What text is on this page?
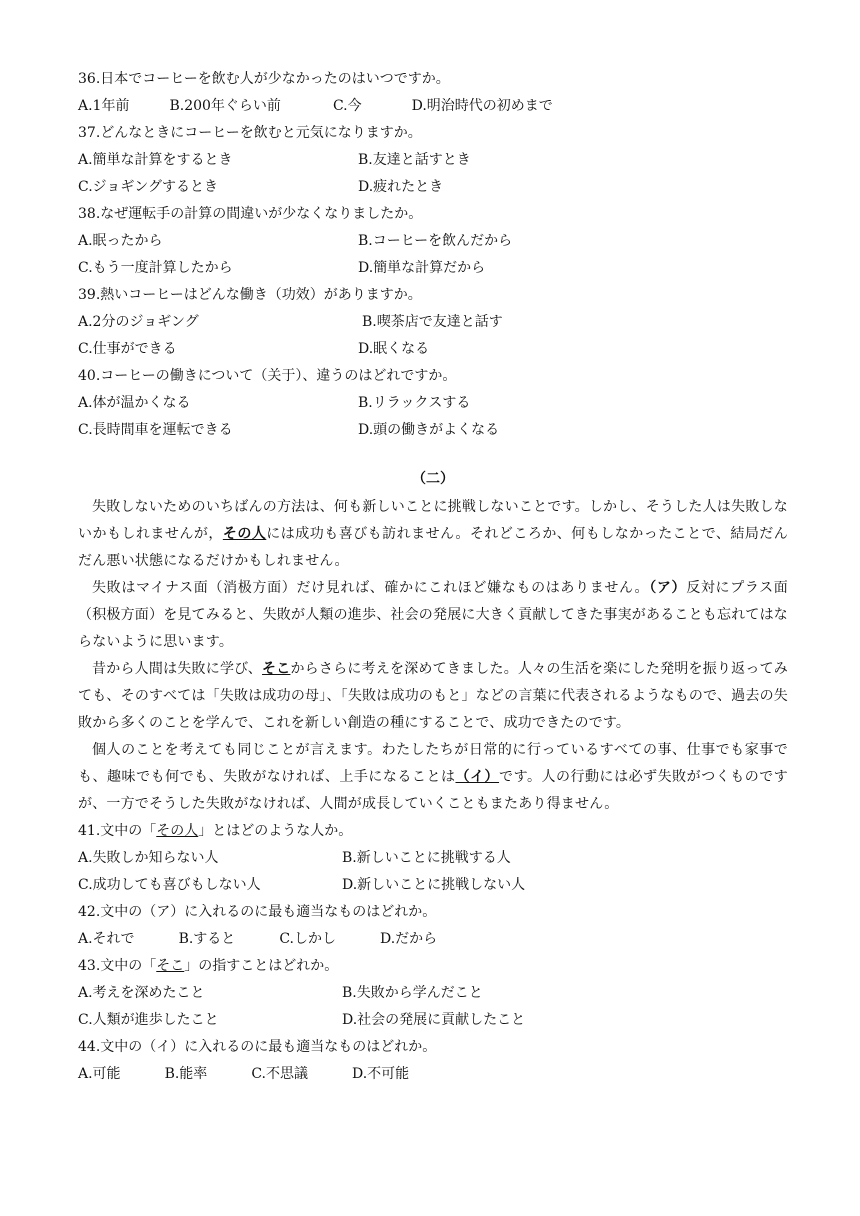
36.日本でコーヒーを飲む人が少なかったのはいつですか。
A.1年前	B.200年ぐらい前	C.今	D.明治時代の初めまで
37.どんなときにコーヒーを飲むと元気になりますか。
A.簡単な計算をするとき	B.友達と話すとき
C.ジョギングするとき	D.疲れたとき
38.なぜ運転手の計算の間違いが少なくなりましたか。
A.眠ったから	B.コーヒーを飲んだから
C.もう一度計算したから	D.簡単な計算だから
39.熱いコーヒーはどんな働き（功效）がありますか。
A.2分のジョギング	B.喫茶店で友達と話す
C.仕事ができる	D.眠くなる
40.コーヒーの働きについて（关于）、違うのはどれですか。
A.体が温かくなる	B.リラックスする
C.長時間車を運転できる	D.頭の働きがよくなる
（二）
失敗しないためのいちばんの方法は、何も新しいことに挑戦しないことです。しかし、そうした人は失敗しないかもしれませんが，その人には成功も喜びも訪れません。それどころか、何もしなかったことで、結局だんだん悪い状態になるだけかもしれません。
失敗はマイナス面（消极方面）だけ見れば、確かにこれほど嫌なものはありません。（ア）反対にプラス面（积极方面）を見てみると、失敗が人類の進歩、社会の発展に大きく貢献してきた事実があることも忘れてはならないように思います。
昔から人間は失敗に学び、そこからさらに考えを深めてきました。人々の生活を楽にした発明を振り返ってみても、そのすべては「失敗は成功の母」、「失敗は成功のもと」などの言葉に代表されるようなもので、過去の失敗から多くのことを学んで、これを新しい創造の種にすることで、成功できたのです。
個人のことを考えても同じことが言えます。わたしたちが日常的に行っているすべての事、仕事でも家事でも、趣味でも何でも、失敗がなければ、上手になることは（イ）です。人の行動には必ず失敗がつくものですが、一方でそうした失敗がなければ、人間が成長していくこともまたあり得ません。
41.文中の「その人」とはどのような人か。
A.失敗しか知らない人	B.新しいことに挑戦する人
C.成功しても喜びもしない人	D.新しいことに挑戦しない人
42.文中の（ア）に入れるのに最も適当なものはどれか。
A.それで	B.すると	C.しかし	D.だから
43.文中の「そこ」の指すことはどれか。
A.考えを深めたこと	B.失敗から学んだこと
C.人類が進歩したこと	D.社会の発展に貢献したこと
44.文中の（イ）に入れるのに最も適当なものはどれか。
A.可能	B.能率	C.不思議	D.不可能
